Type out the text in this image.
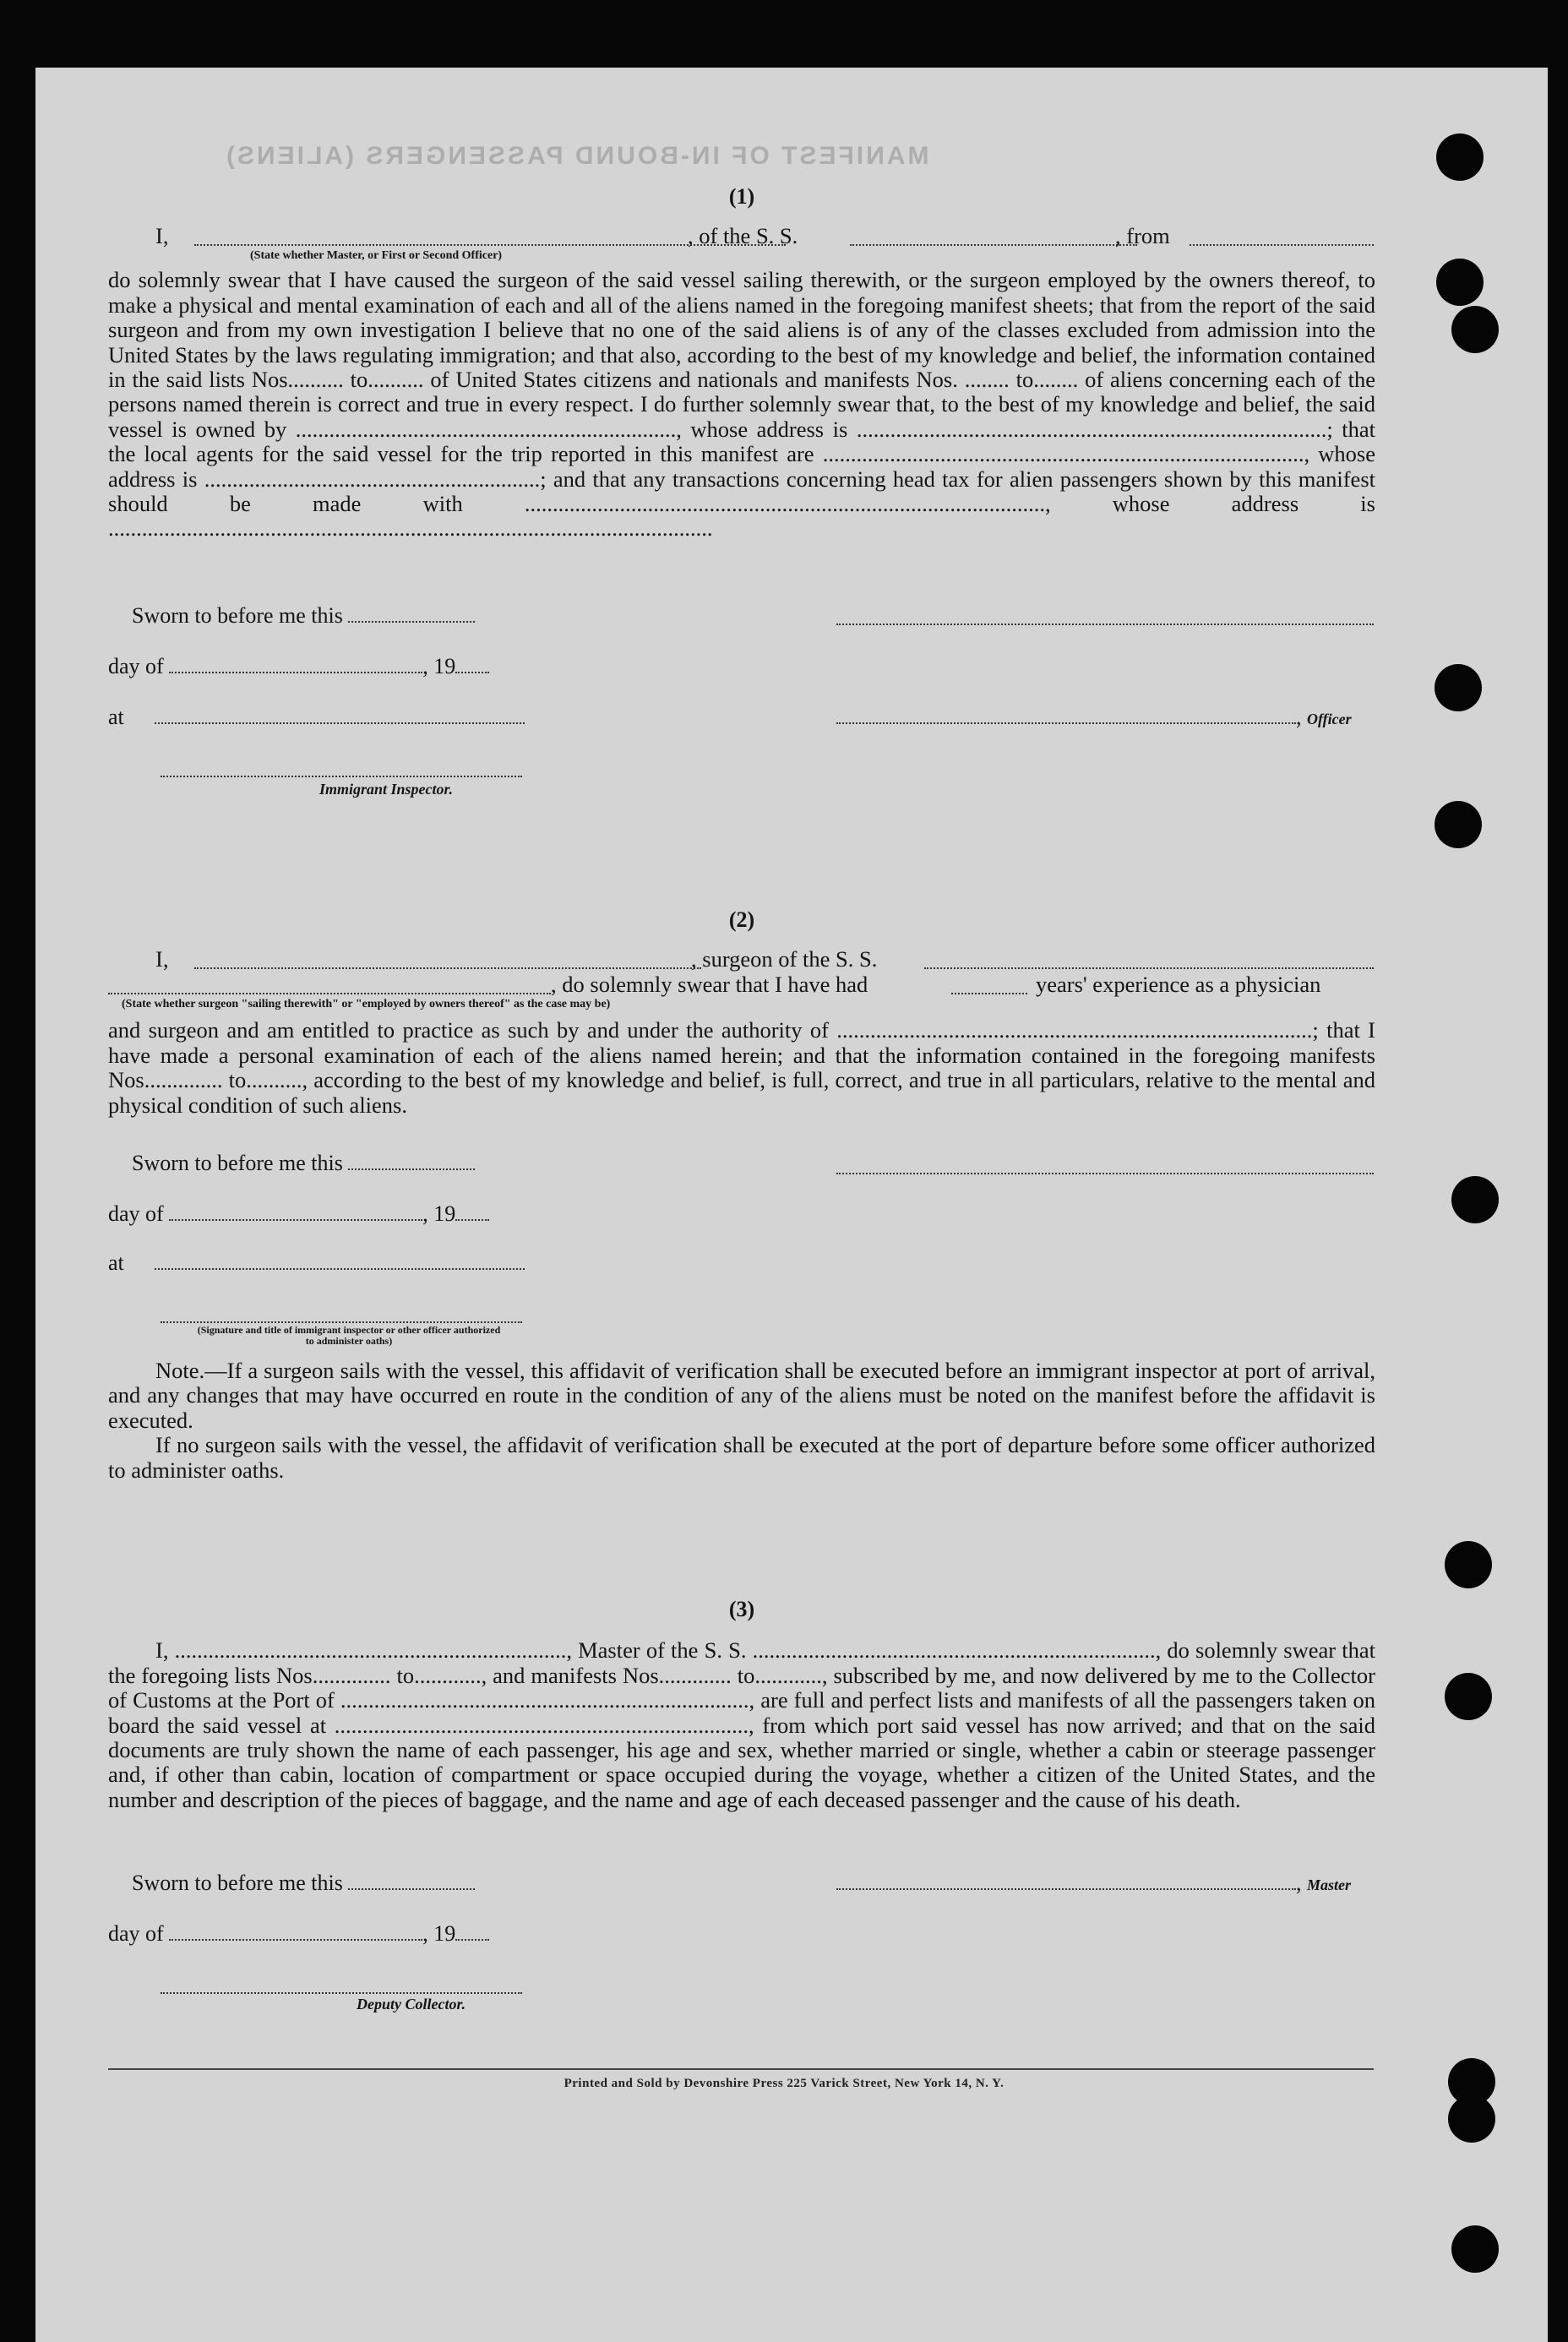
MANIFEST OF IN-BOUND PASSENGERS (ALIENS)
(1)
I,	, of the S. S.	, from
(State whether Master, or First or Second Officer)

do solemnly swear that I have caused the surgeon of the said vessel sailing therewith, or the surgeon employed by the owners thereof, to make a physical and mental examination of each and all of the aliens named in the foregoing manifest sheets; that from the report of the said surgeon and from my own investigation I believe that no one of the said aliens is of any of the classes excluded from admission into the United States by the laws regulating immigration; and that also, according to the best of my knowledge and belief, the information contained in the said lists Nos.......... to.......... of United States citizens and nationals and manifests Nos. ........ to........ of aliens concerning each of the persons named therein is correct and true in every respect. I do further solemnly swear that, to the best of my knowledge and belief, the said vessel is owned by ...................................................................., whose address is ....................................................................................; that the local agents for the said vessel for the trip reported in this manifest are ......................................................................................, whose address is ............................................................; and that any transactions concerning head tax for alien passengers shown by this manifest should be made with ............................................................................................., whose address is ............................................................................................................

Sworn to before me this
day of	, 19
at	, Officer
Immigrant Inspector.
(2)
I,	, surgeon of the S. S.
, do solemnly swear that I have had	years' experience as a physician
(State whether surgeon "sailing therewith" or "employed by owners thereof" as the case may be)

and surgeon and am entitled to practice as such by and under the authority of .....................................................................................; that I have made a personal examination of each of the aliens named herein; and that the information contained in the foregoing manifests Nos.............. to.........., according to the best of my knowledge and belief, is full, correct, and true in all particulars, relative to the mental and physical condition of such aliens.

Sworn to before me this
day of	, 19
at
(Signature and title of immigrant inspector or other officer authorized to administer oaths)

Note.—If a surgeon sails with the vessel, this affidavit of verification shall be executed before an immigrant inspector at port of arrival, and any changes that may have occurred en route in the condition of any of the aliens must be noted on the manifest before the affidavit is executed.

If no surgeon sails with the vessel, the affidavit of verification shall be executed at the port of departure before some officer authorized to administer oaths.

(3)

I, ......................................................................, Master of the S. S. ........................................................................, do solemnly swear that the foregoing lists Nos.............. to............, and manifests Nos............. to............, subscribed by me, and now delivered by me to the Collector of Customs at the Port of ........................................................................., are full and perfect lists and manifests of all the passengers taken on board the said vessel at .........................................................................., from which port said vessel has now arrived; and that on the said documents are truly shown the name of each passenger, his age and sex, whether married or single, whether a cabin or steerage passenger and, if other than cabin, location of compartment or space occupied during the voyage, whether a citizen of the United States, and the number and description of the pieces of baggage, and the name and age of each deceased passenger and the cause of his death.

Sworn to before me this	, Master
day of	, 19
Deputy Collector.
Printed and Sold by Devonshire Press 225 Varick Street, New York 14, N. Y.
